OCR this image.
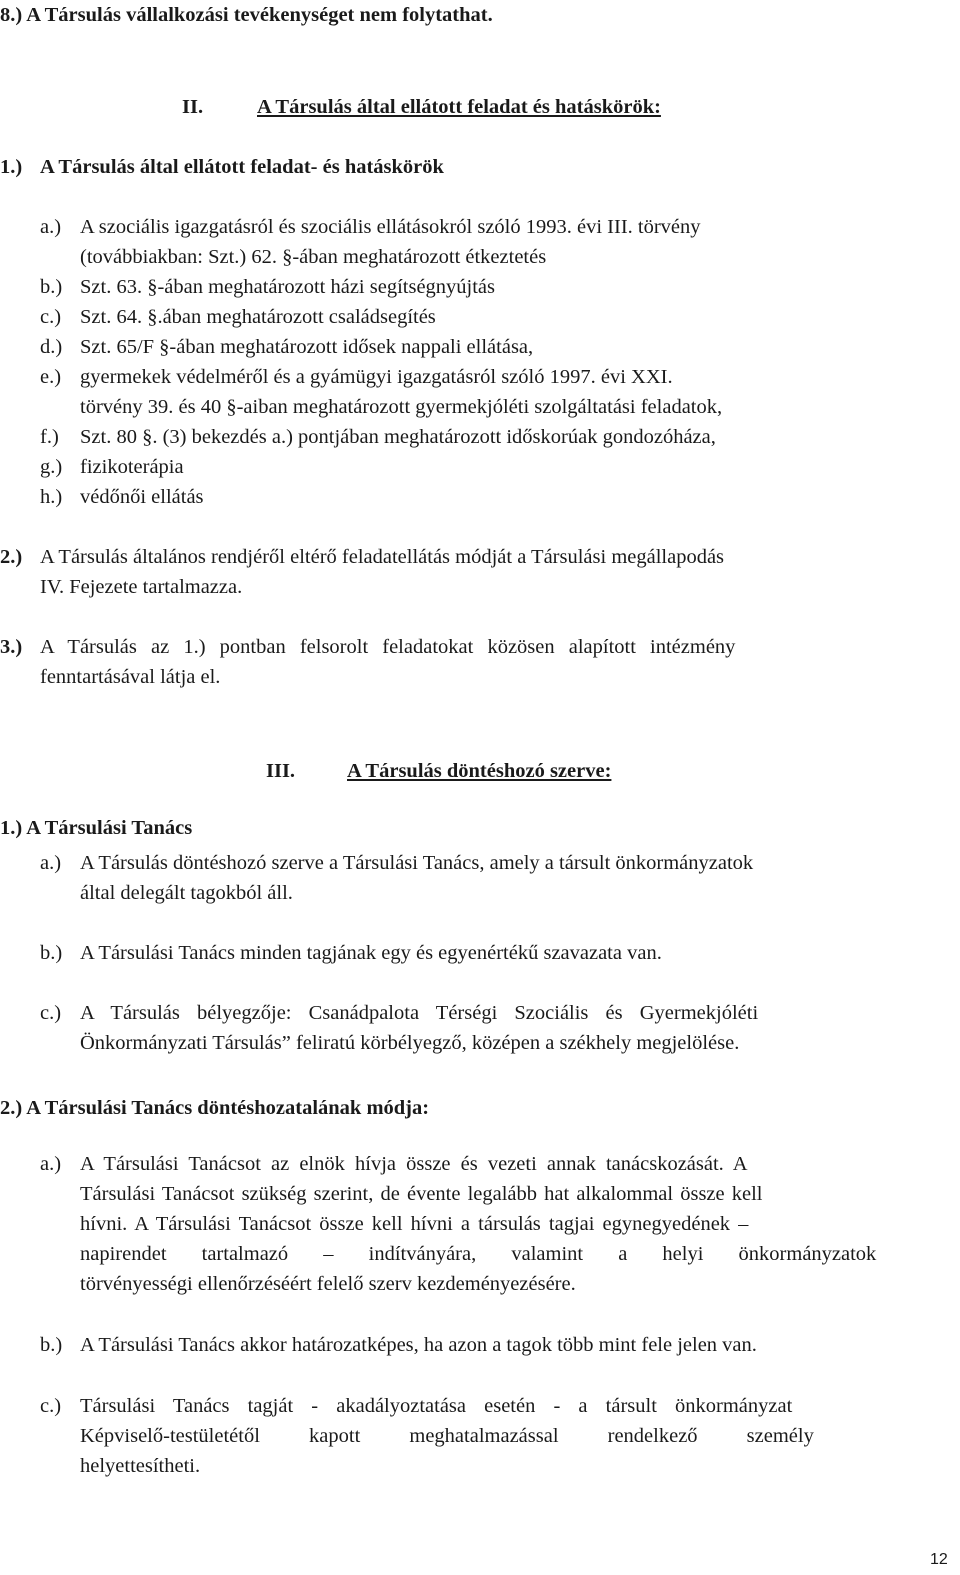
8.) A Társulás vállalkozási tevékenységet nem folytathat.
II.	A Társulás által ellátott feladat és hatáskörök:
1.) A Társulás által ellátott feladat- és hatáskörök
a.) A szociális igazgatásról és szociális ellátásokról szóló 1993. évi III. törvény
(továbbiakban: Szt.) 62. §-ában meghatározott étkeztetés
b.) Szt. 63. §-ában meghatározott házi segítségnyújtás
c.) Szt. 64. §.ában meghatározott családsegítés
d.) Szt. 65/F §-ában meghatározott idősek nappali ellátása,
e.) gyermekek védelméről és a gyámügyi igazgatásról szóló 1997. évi XXI.
törvény 39. és 40 §-aiban meghatározott gyermekjóléti szolgáltatási feladatok,
f.) Szt. 80 §. (3) bekezdés a.) pontjában meghatározott időskorúak gondozóháza,
g.) fizikoterápia
h.) védőnői ellátás
2.) A Társulás általános rendjéről eltérő feladatellátás módját a Társulási megállapodás
IV. Fejezete tartalmazza.
3.) A Társulás az 1.) pontban felsorolt feladatokat közösen alapított intézmény
fenntartásával látja el.
III.	A Társulás döntéshozó szerve:
1.) A Társulási Tanács
a.) A Társulás döntéshozó szerve a Társulási Tanács, amely a társult önkormányzatok
által delegált tagokból áll.
b.) A Társulási Tanács minden tagjának egy és egyenértékű szavazata van.
c.) A Társulás bélyegzője: Csanádpalota Térségi Szociális és Gyermekjóléti
Önkormányzati Társulás” feliratú körbélyegző, középen a székhely megjelölése.
2.) A Társulási Tanács döntéshozatalának módja:
a.) A Társulási Tanácsot az elnök hívja össze és vezeti annak tanácskozását. A
Társulási Tanácsot szükség szerint, de évente legalább hat alkalommal össze kell
hívni. A Társulási Tanácsot össze kell hívni a társulás tagjai egynegyedének –
napirendet tartalmazó – indítványára, valamint a helyi önkormányzatok
törvényességi ellenőrzéséért felelő szerv kezdeményezésére.
b.) A Társulási Tanács akkor határozatképes, ha azon a tagok több mint fele jelen van.
c.) Társulási Tanács tagját - akadályoztatása esetén - a társult önkormányzat
Képviselő-testületétől kapott meghatalmazással rendelkező személy
helyettesítheti.
12
